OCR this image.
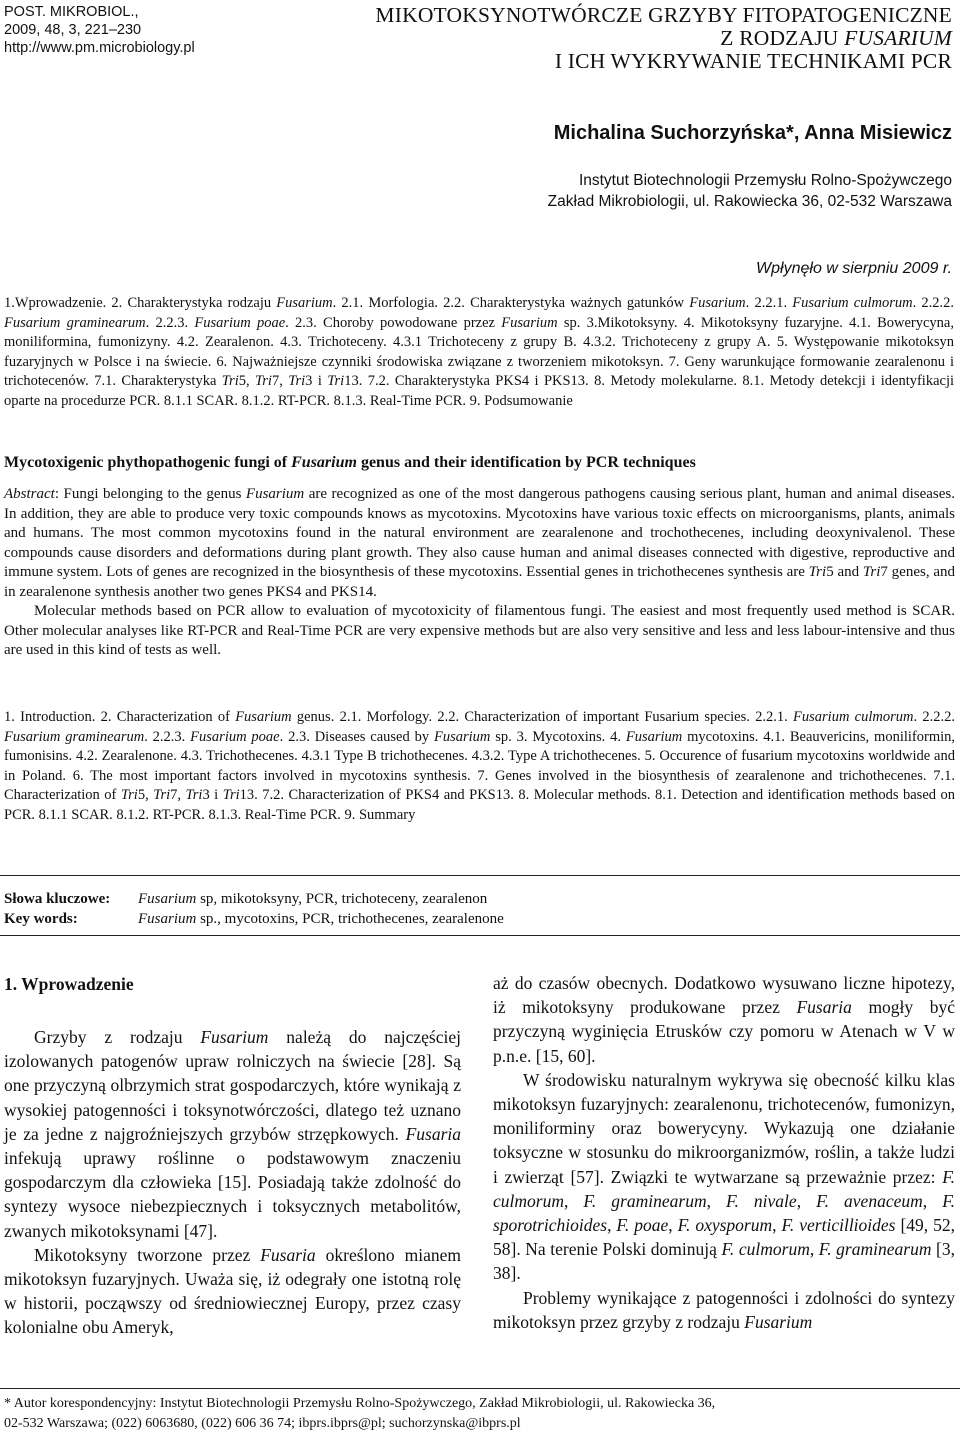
POST. MIKROBIOL.,
2009, 48, 3, 221–230
http://www.pm.microbiology.pl
MIKOTOKSYNOTWÓRCZE GRZYBY FITOPATOGENICZNE
Z RODZAJU FUSARIUM
I ICH WYKRYWANIE TECHNIKAMI PCR
Michalina Suchorzyńska*, Anna Misiewicz
Instytut Biotechnologii Przemysłu Rolno-Spożywczego
Zakład Mikrobiologii, ul. Rakowiecka 36, 02-532 Warszawa
Wpłynęło w sierpniu 2009 r.

1.Wprowadzenie. 2. Charakterystyka rodzaju Fusarium. 2.1. Morfologia. 2.2. Charakterystyka ważnych gatunków Fusarium. 2.2.1. Fusarium culmorum. 2.2.2. Fusarium graminearum. 2.2.3. Fusarium poae. 2.3. Choroby powodowane przez Fusarium sp. 3.Mikotoksyny. 4. Mikotoksyny fuzaryjne. 4.1. Bowerycyna, moniliformina, fumonizyny. 4.2. Zearalenon. 4.3. Trichoteceny. 4.3.1 Trichoteceny z grupy B. 4.3.2. Trichoteceny z grupy A. 5. Występowanie mikotoksyn fuzaryjnych w Polsce i na świecie. 6. Najważniejsze czynniki środowiska związane z tworzeniem mikotoksyn. 7. Geny warunkujące formowanie zearalenonu i trichotecenów. 7.1. Charakterystyka Tri5, Tri7, Tri3 i Tri13. 7.2. Charakterystyka PKS4 i PKS13. 8. Metody molekularne. 8.1. Metody detekcji i identyfikacji oparte na procedurze PCR. 8.1.1 SCAR. 8.1.2. RT-PCR. 8.1.3. Real-Time PCR. 9. Podsumowanie

Mycotoxigenic phythopathogenic fungi of Fusarium genus and their identification by PCR techniques

Abstract: Fungi belonging to the genus Fusarium are recognized as one of the most dangerous pathogens causing serious plant, human and animal diseases. In addition, they are able to produce very toxic compounds knows as mycotoxins. Mycotoxins have various toxic effects on microorganisms, plants, animals and humans. The most common mycotoxins found in the natural environment are zearalenone and trochothecenes, including deoxynivalenol. These compounds cause disorders and deformations during plant growth. They also cause human and animal diseases connected with digestive, reproductive and immune system. Lots of genes are recognized in the biosynthesis of these mycotoxins. Essential genes in trichothecenes synthesis are Tri5 and Tri7 genes, and in zearalenone synthesis another two genes PKS4 and PKS14.

Molecular methods based on PCR allow to evaluation of mycotoxicity of filamentous fungi. The easiest and most frequently used method is SCAR. Other molecular analyses like RT-PCR and Real-Time PCR are very expensive methods but are also very sensitive and less and less labour-intensive and thus are used in this kind of tests as well.

1. Introduction. 2. Characterization of Fusarium genus. 2.1. Morfology. 2.2. Characterization of important Fusarium species. 2.2.1. Fusarium culmorum. 2.2.2. Fusarium graminearum. 2.2.3. Fusarium poae. 2.3. Diseases caused by Fusarium sp. 3. Mycotoxins. 4. Fusarium mycotoxins. 4.1. Beauvericins, moniliformin, fumonisins. 4.2. Zearalenone. 4.3. Trichothecenes. 4.3.1 Type B trichothecenes. 4.3.2. Type A trichothecenes. 5. Occurence of fusarium mycotoxins worldwide and in Poland. 6. The most important factors involved in mycotoxins synthesis. 7. Genes involved in the biosynthesis of zearalenone and trichothecenes. 7.1. Characterization of Tri5, Tri7, Tri3 i Tri13. 7.2. Characterization of PKS4 and PKS13. 8. Molecular methods. 8.1. Detection and identification methods based on PCR. 8.1.1 SCAR. 8.1.2. RT-PCR. 8.1.3. Real-Time PCR. 9. Summary

Słowa kluczowe: Fusarium sp, mikotoksyny, PCR, trichoteceny, zearalenon
Key words:	Fusarium sp., mycotoxins, PCR, trichothecenes, zearalenone
1. Wprowadzenie

Grzyby z rodzaju Fusarium należą do najczęściej izolowanych patogenów upraw rolniczych na świecie [28]. Są one przyczyną olbrzymich strat gospodarczych, które wynikają z wysokiej patogenności i toksynotwórczości, dlatego też uznano je za jedne z najgroźniejszych grzybów strzępkowych. Fusaria infekują uprawy roślinne o podstawowym znaczeniu gospodarczym dla człowieka [15]. Posiadają także zdolność do syntezy wysoce niebezpiecznych i toksycznych metabolitów, zwanych mikotoksynami [47].

Mikotoksyny tworzone przez Fusaria określono mianem mikotoksyn fuzaryjnych. Uważa się, iż odegrały one istotną rolę w historii, począwszy od średniowiecznej Europy, przez czasy kolonialne obu Ameryk,

aż do czasów obecnych. Dodatkowo wysuwano liczne hipotezy, iż mikotoksyny produkowane przez Fusaria mogły być przyczyną wyginięcia Etrusków czy pomoru w Atenach w V w p.n.e. [15, 60].

W środowisku naturalnym wykrywa się obecność kilku klas mikotoksyn fuzaryjnych: zearalenonu, trichotecenów, fumonizyn, moniliforminy oraz bowerycyny. Wykazują one działanie toksyczne w stosunku do mikroorganizmów, roślin, a także ludzi i zwierząt [57]. Związki te wytwarzane są przeważnie przez: F. culmorum, F. graminearum, F. nivale, F. avenaceum, F. sporotrichioides, F. poae, F. oxysporum, F. verticillioides [49, 52, 58]. Na terenie Polski dominują F. culmorum, F. graminearum [3, 38].

Problemy wynikające z patogenności i zdolności do syntezy mikotoksyn przez grzyby z rodzaju Fusarium

* Autor korespondencyjny: Instytut Biotechnologii Przemysłu Rolno-Spożywczego, Zakład Mikrobiologii, ul. Rakowiecka 36,
02-532 Warszawa; (022) 6063680, (022) 606 36 74; ibprs.ibprs@pl; suchorzynska@ibprs.pl
